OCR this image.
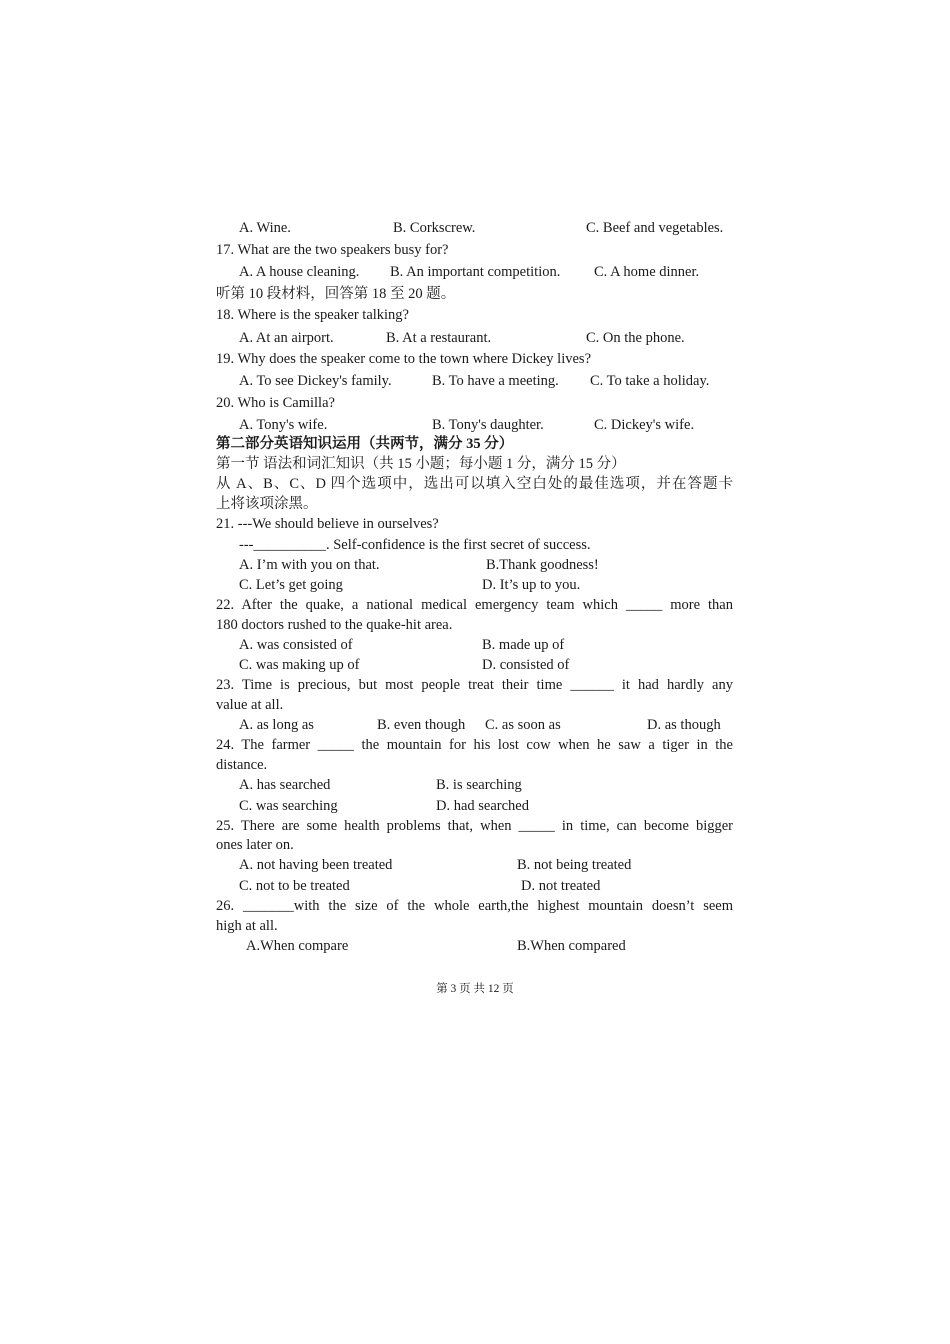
A. Wine.	B. Corkscrew.	C. Beef and vegetables.
17. What are the two speakers busy for?
A. A house cleaning. B. An important competition. C. A home dinner.
听第 10 段材料，回答第 18 至 20 题。
18. Where is the speaker talking?
A. At an airport.	B. At a restaurant.	C. On the phone.
19. Why does the speaker come to the town where Dickey lives?
A. To see Dickey's family.	B. To have a meeting. C. To take a holiday.
20. Who is Camilla?
A. Tony's wife.	B. Tony's daughter.	C. Dickey's wife.
第二部分英语知识运用（共两节，满分 35 分）
第一节 语法和词汇知识（共 15 小题；每小题 1 分，满分 15 分）
从 A、B、C、D 四个选项中，选出可以填入空白处的最佳选项，并在答题卡
上将该项涂黑。
21. ---We should believe in ourselves?
---__________. Self-confidence is the first secret of success.
A. I’m with you on that.	B.Thank goodness!
C. Let’s get going	D. It’s up to you.
22. After the quake, a national medical emergency team which _____ more than
180 doctors rushed to the quake-hit area.
A. was consisted of	B. made up of
C. was making up of	D. consisted of
23. Time is precious, but most people treat their time ______ it had hardly any
value at all.
A. as long as	B. even though C. as soon as	D. as though
24. The farmer _____ the mountain for his lost cow when he saw a tiger in the
distance.
A. has searched	B. is searching
C. was searching	D. had searched
25. There are some health problems that, when _____ in time, can become bigger
ones later on.
A. not having been treated	B. not being treated
C. not to be treated	D. not treated
26. _______with the size of the whole earth,the highest mountain doesn’t seem
high at all.
A.When compare	B.When compared
第 3 页 共 12 页
